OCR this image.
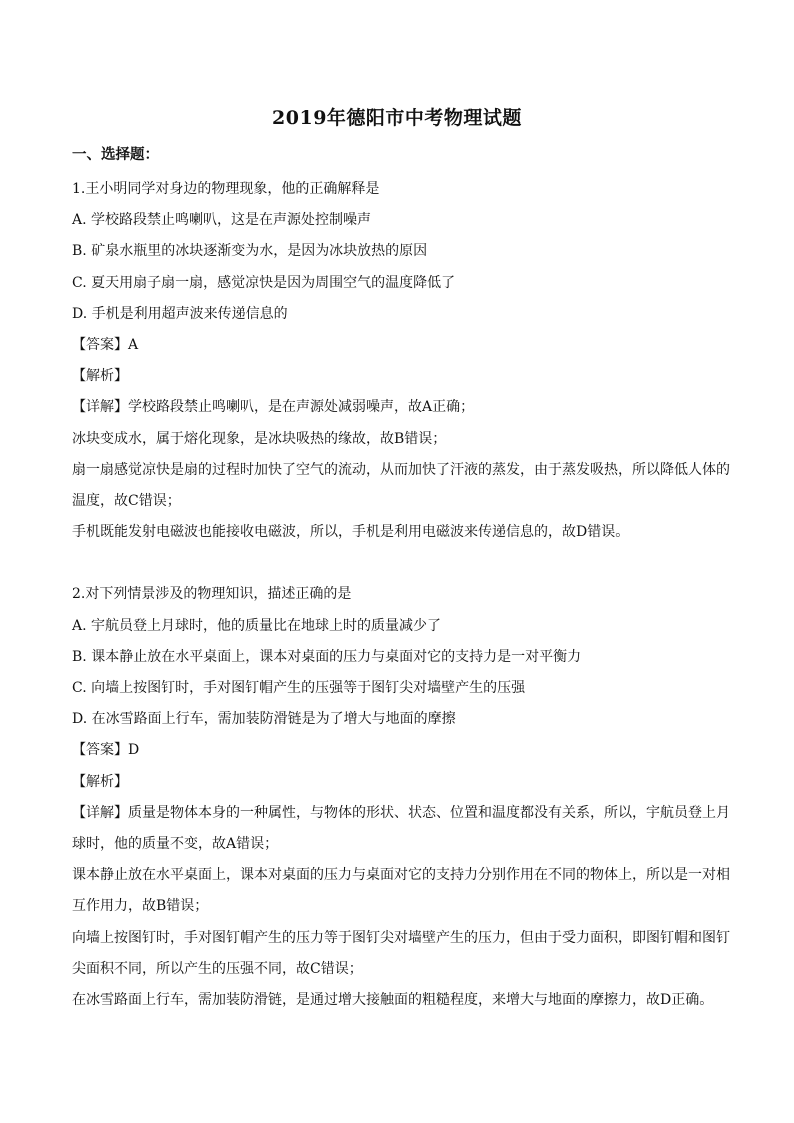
2019年德阳市中考物理试题
一、选择题：
1.王小明同学对身边的物理现象，他的正确解释是
A. 学校路段禁止鸣喇叭，这是在声源处控制噪声
B. 矿泉水瓶里的冰块逐渐变为水，是因为冰块放热的原因
C. 夏天用扇子扇一扇，感觉凉快是因为周围空气的温度降低了
D. 手机是利用超声波来传递信息的
【答案】A
【解析】
【详解】学校路段禁止鸣喇叭，是在声源处减弱噪声，故A正确；
冰块变成水，属于熔化现象，是冰块吸热的缘故，故B错误；
扇一扇感觉凉快是扇的过程时加快了空气的流动，从而加快了汗液的蒸发，由于蒸发吸热，所以降低人体的温度，故C错误；
手机既能发射电磁波也能接收电磁波，所以，手机是利用电磁波来传递信息的，故D错误。
2.对下列情景涉及的物理知识，描述正确的是
A. 宇航员登上月球时，他的质量比在地球上时的质量减少了
B. 课本静止放在水平桌面上，课本对桌面的压力与桌面对它的支持力是一对平衡力
C. 向墙上按图钉时，手对图钉帽产生的压强等于图钉尖对墙壁产生的压强
D. 在冰雪路面上行车，需加装防滑链是为了增大与地面的摩擦
【答案】D
【解析】
【详解】质量是物体本身的一种属性，与物体的形状、状态、位置和温度都没有关系，所以，宇航员登上月球时，他的质量不变，故A错误；
课本静止放在水平桌面上，课本对桌面的压力与桌面对它的支持力分别作用在不同的物体上，所以是一对相互作用力，故B错误；
向墙上按图钉时，手对图钉帽产生的压力等于图钉尖对墙壁产生的压力，但由于受力面积，即图钉帽和图钉尖面积不同，所以产生的压强不同，故C错误；
在冰雪路面上行车，需加装防滑链，是通过增大接触面的粗糙程度，来增大与地面的摩擦力，故D正确。
